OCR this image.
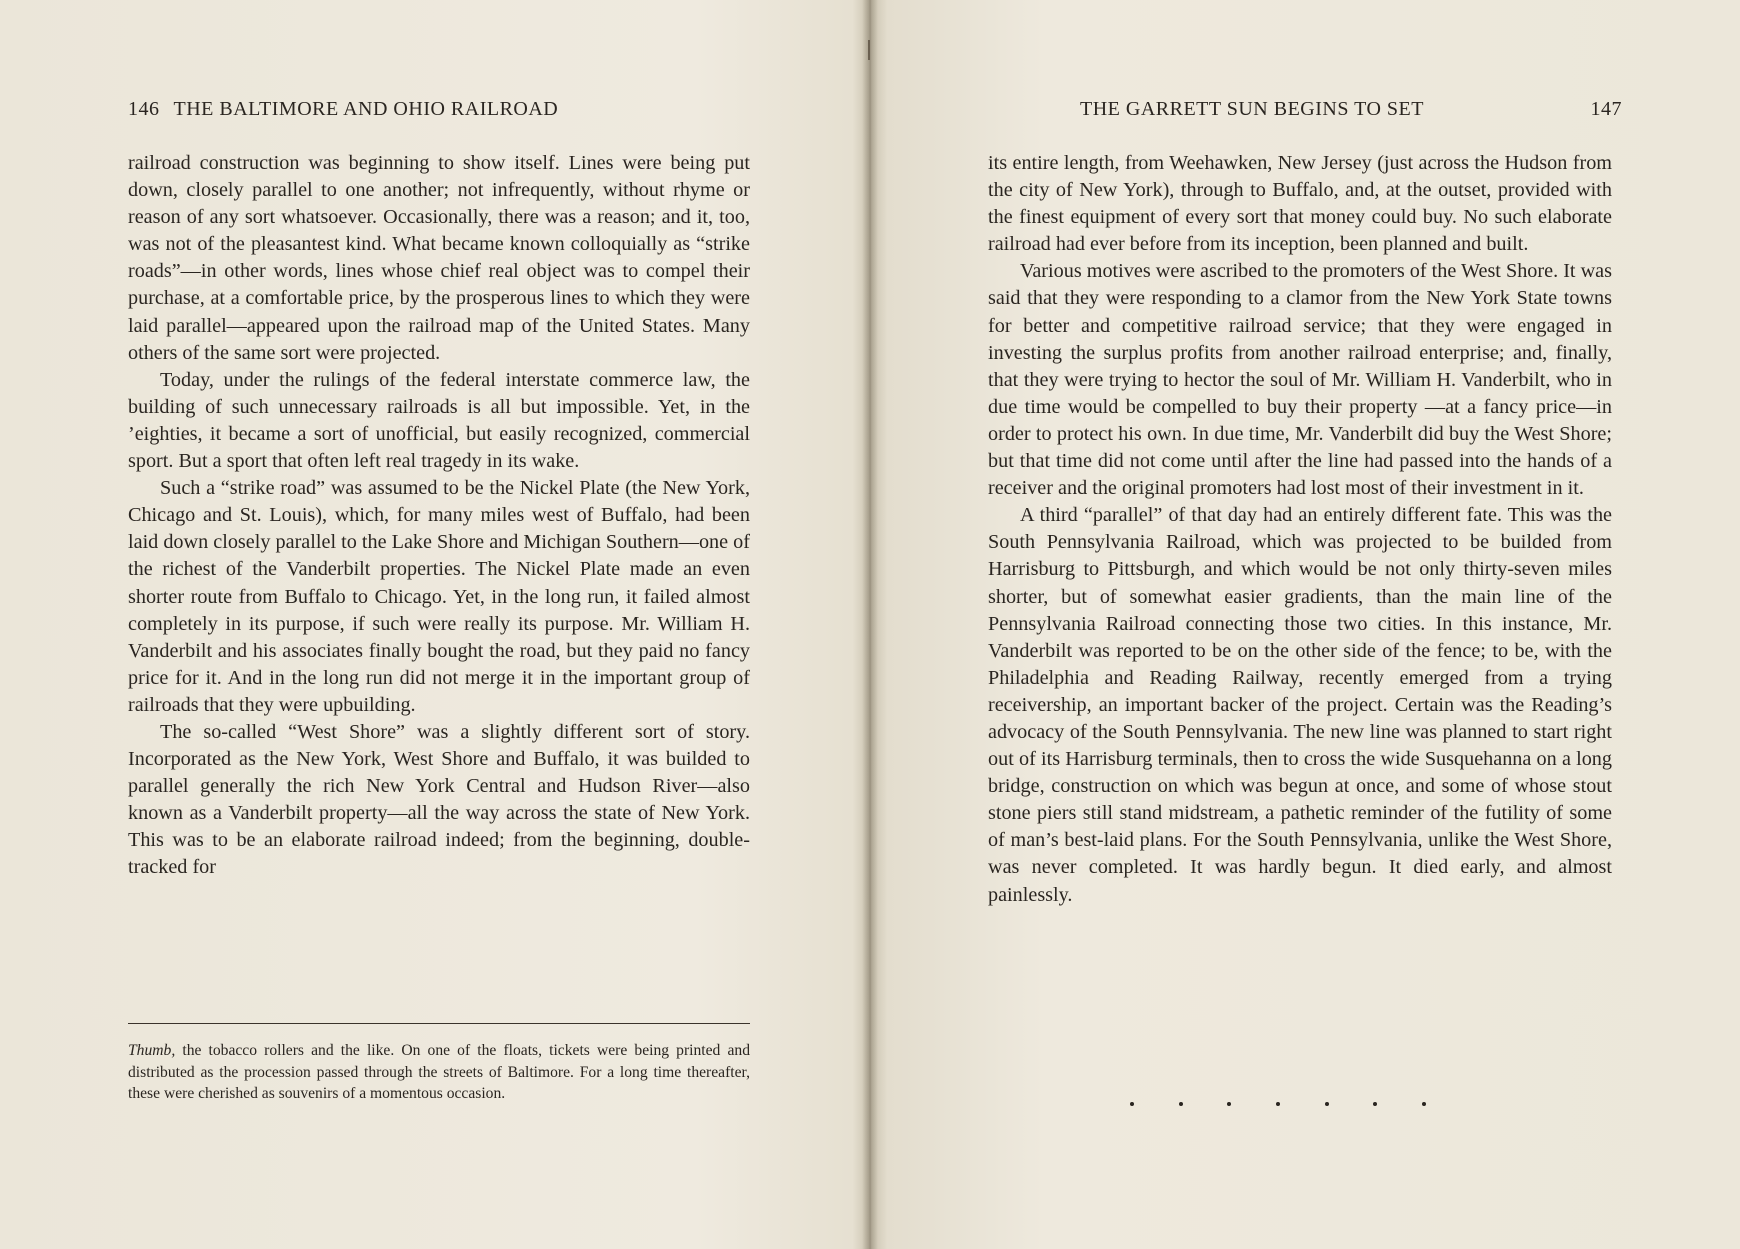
146 THE BALTIMORE AND OHIO RAILROAD

railroad construction was beginning to show itself. Lines were being put down, closely parallel to one another; not infrequently, without rhyme or reason of any sort whatsoever. Occasionally, there was a reason; and it, too, was not of the pleasantest kind. What became known colloquially as “strike roads”—in other words, lines whose chief real object was to compel their purchase, at a comfortable price, by the prosperous lines to which they were laid parallel—appeared upon the railroad map of the United States. Many others of the same sort were projected.

Today, under the rulings of the federal interstate commerce law, the building of such unnecessary railroads is all but impossible. Yet, in the ’eighties, it became a sort of unofficial, but easily recognized, commercial sport. But a sport that often left real tragedy in its wake.

Such a “strike road” was assumed to be the Nickel Plate (the New York, Chicago and St. Louis), which, for many miles west of Buffalo, had been laid down closely parallel to the Lake Shore and Michigan Southern—one of the richest of the Vanderbilt properties. The Nickel Plate made an even shorter route from Buffalo to Chicago. Yet, in the long run, it failed almost completely in its purpose, if such were really its purpose. Mr. William H. Vanderbilt and his associates finally bought the road, but they paid no fancy price for it. And in the long run did not merge it in the important group of railroads that they were upbuilding.

The so-called “West Shore” was a slightly different sort of story. Incorporated as the New York, West Shore and Buffalo, it was builded to parallel generally the rich New York Central and Hudson River—also known as a Vanderbilt property—all the way across the state of New York. This was to be an elaborate railroad indeed; from the beginning, double-tracked for

Thumb, the tobacco rollers and the like. On one of the floats, tickets were being printed and distributed as the procession passed through the streets of Baltimore. For a long time thereafter, these were cherished as souvenirs of a momentous occasion.
THE GARRETT SUN BEGINS TO SET	147

its entire length, from Weehawken, New Jersey (just across the Hudson from the city of New York), through to Buffalo, and, at the outset, provided with the finest equipment of every sort that money could buy. No such elaborate railroad had ever before from its inception, been planned and built.

Various motives were ascribed to the promoters of the West Shore. It was said that they were responding to a clamor from the New York State towns for better and competitive railroad service; that they were engaged in investing the surplus profits from another railroad enterprise; and, finally, that they were trying to hector the soul of Mr. William H. Vanderbilt, who in due time would be compelled to buy their property —at a fancy price—in order to protect his own. In due time, Mr. Vanderbilt did buy the West Shore; but that time did not come until after the line had passed into the hands of a receiver and the original promoters had lost most of their investment in it.

A third “parallel” of that day had an entirely different fate. This was the South Pennsylvania Railroad, which was projected to be builded from Harrisburg to Pittsburgh, and which would be not only thirty-seven miles shorter, but of somewhat easier gradients, than the main line of the Pennsylvania Railroad connecting those two cities. In this instance, Mr. Vanderbilt was reported to be on the other side of the fence; to be, with the Philadelphia and Reading Railway, recently emerged from a trying receivership, an important backer of the project. Certain was the Reading’s advocacy of the South Pennsylvania. The new line was planned to start right out of its Harrisburg terminals, then to cross the wide Susquehanna on a long bridge, construction on which was begun at once, and some of whose stout stone piers still stand midstream, a pathetic reminder of the futility of some of man’s best-laid plans. For the South Pennsylvania, unlike the West Shore, was never completed. It was hardly begun. It died early, and almost painlessly.
